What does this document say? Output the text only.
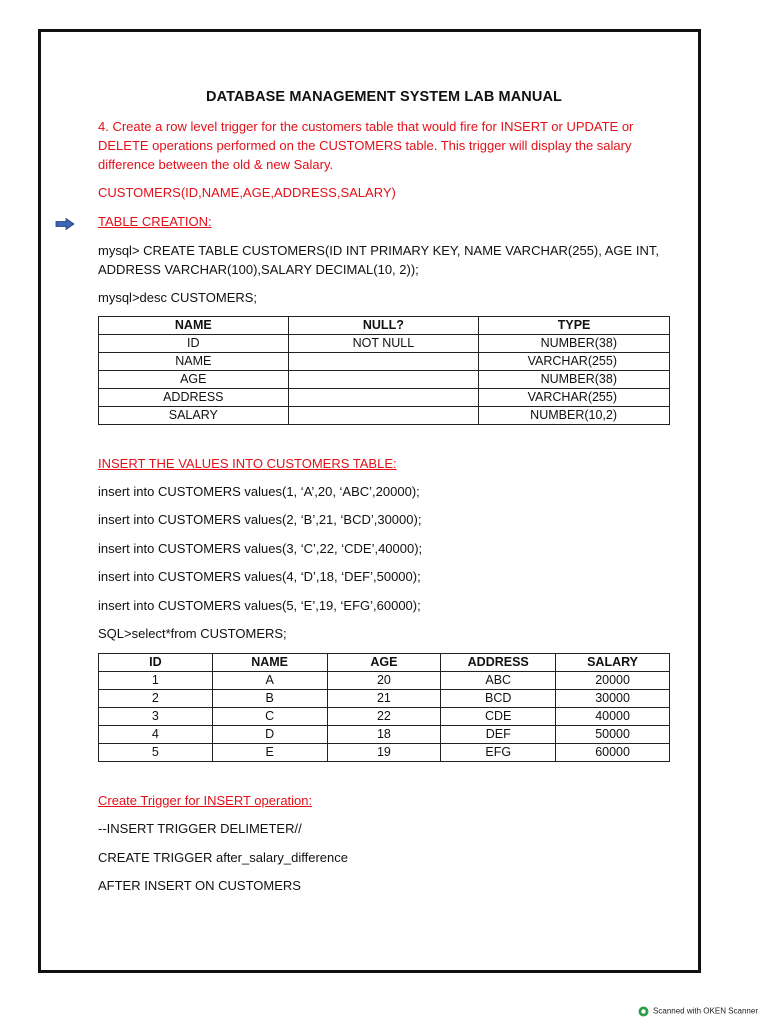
DATABASE MANAGEMENT SYSTEM LAB MANUAL
4. Create a row level trigger for the customers table that would fire for INSERT or UPDATE or
DELETE operations performed on the CUSTOMERS table. This trigger will display the salary
difference between the old & new Salary.
CUSTOMERS(ID,NAME,AGE,ADDRESS,SALARY)
TABLE CREATION:
mysql> CREATE TABLE CUSTOMERS(ID INT PRIMARY KEY, NAME VARCHAR(255), AGE INT,
ADDRESS VARCHAR(100),SALARY DECIMAL(10, 2));
mysql>desc CUSTOMERS;
NAME	NULL?	TYPE
ID	NOT NULL	NUMBER(38)
NAME		VARCHAR(255)
AGE		NUMBER(38)
ADDRESS		VARCHAR(255)
SALARY		NUMBER(10,2)
INSERT THE VALUES INTO CUSTOMERS TABLE:
insert into CUSTOMERS values(1, ‘A’,20, ‘ABC’,20000);
insert into CUSTOMERS values(2, ‘B’,21, ‘BCD’,30000);
insert into CUSTOMERS values(3, ‘C’,22, ‘CDE’,40000);
insert into CUSTOMERS values(4, ‘D’,18, ‘DEF’,50000);
insert into CUSTOMERS values(5, ‘E’,19, ‘EFG’,60000);
SQL>select*from CUSTOMERS;
ID	NAME	AGE	ADDRESS	SALARY
1	A	20	ABC	20000
2	B	21	BCD	30000
3	C	22	CDE	40000
4	D	18	DEF	50000
5	E	19	EFG	60000
Create Trigger for INSERT operation:
--INSERT TRIGGER DELIMETER//
CREATE TRIGGER after_salary_difference
AFTER INSERT ON CUSTOMERS
Scanned with OKEN Scanner
